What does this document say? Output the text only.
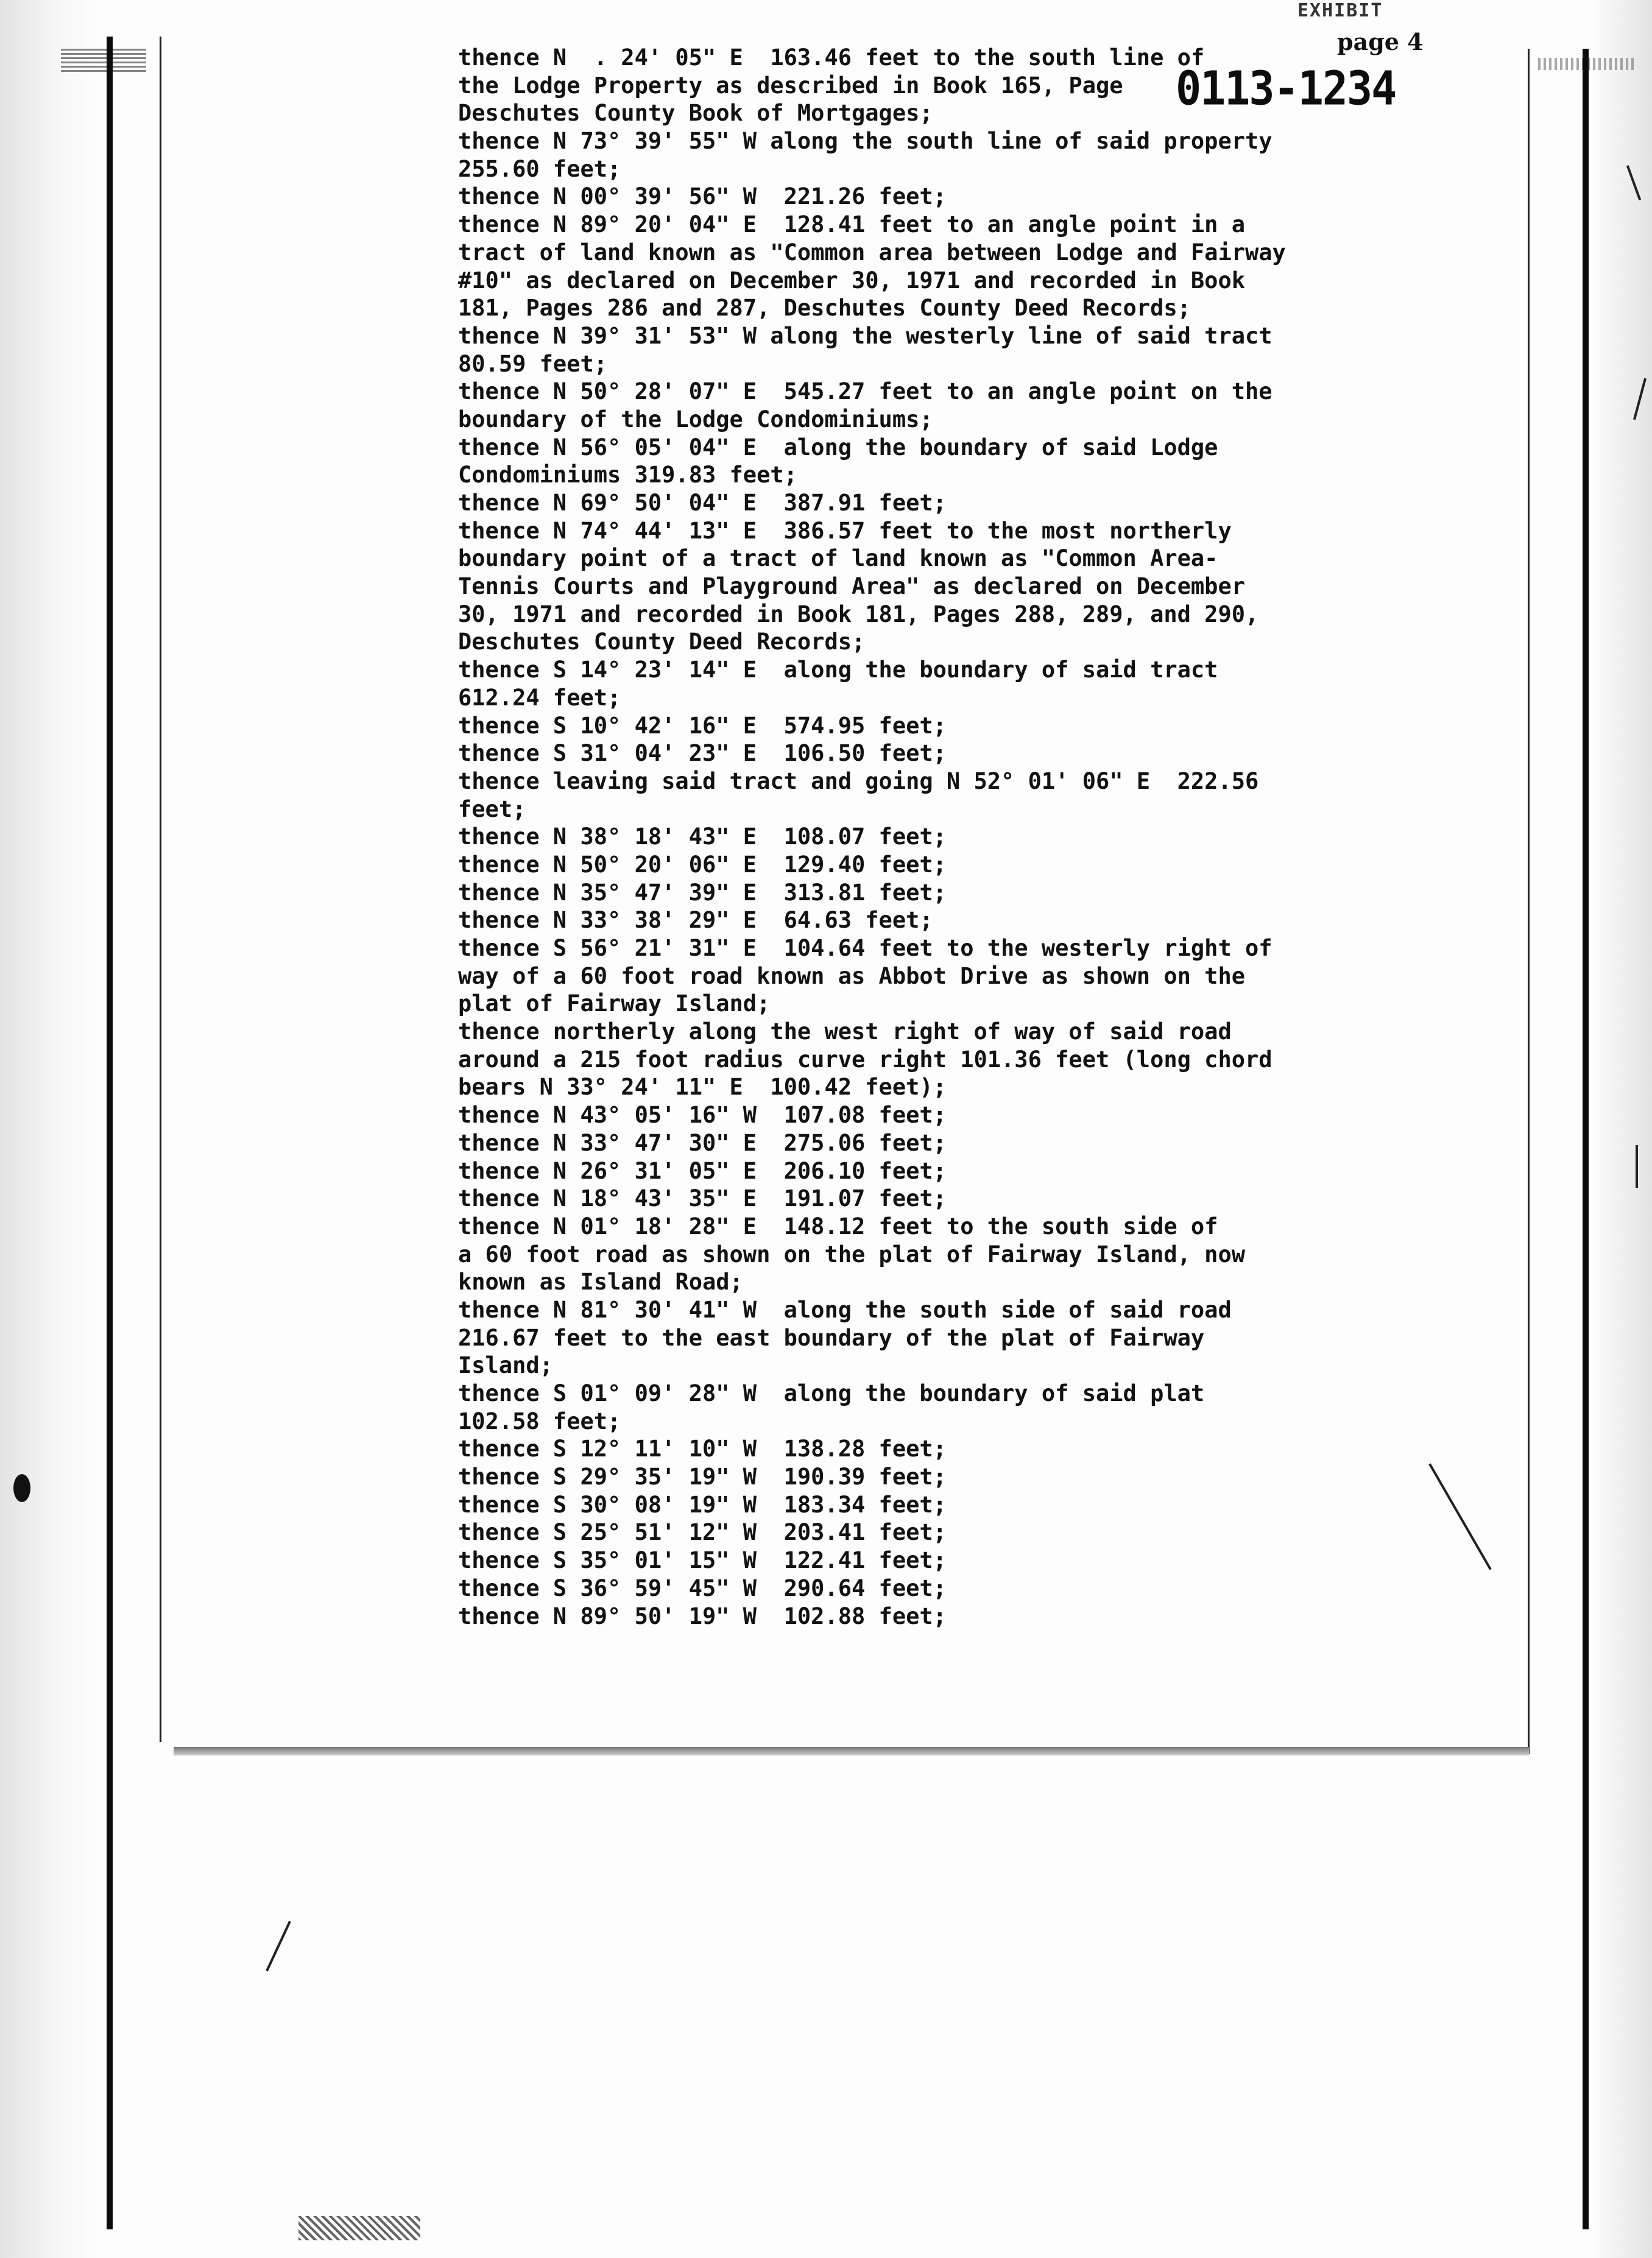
EXHIBIT
page 4
0113-1234
thence N  . 24' 05" E  163.46 feet to the south line of
the Lodge Property as described in Book 165, Page
Deschutes County Book of Mortgages;
thence N 73° 39' 55" W along the south line of said property
255.60 feet;
thence N 00° 39' 56" W  221.26 feet;
thence N 89° 20' 04" E  128.41 feet to an angle point in a
tract of land known as "Common area between Lodge and Fairway
#10" as declared on December 30, 1971 and recorded in Book
181, Pages 286 and 287, Deschutes County Deed Records;
thence N 39° 31' 53" W along the westerly line of said tract
80.59 feet;
thence N 50° 28' 07" E  545.27 feet to an angle point on the
boundary of the Lodge Condominiums;
thence N 56° 05' 04" E  along the boundary of said Lodge
Condominiums 319.83 feet;
thence N 69° 50' 04" E  387.91 feet;
thence N 74° 44' 13" E  386.57 feet to the most northerly
boundary point of a tract of land known as "Common Area-
Tennis Courts and Playground Area" as declared on December
30, 1971 and recorded in Book 181, Pages 288, 289, and 290,
Deschutes County Deed Records;
thence S 14° 23' 14" E  along the boundary of said tract
612.24 feet;
thence S 10° 42' 16" E  574.95 feet;
thence S 31° 04' 23" E  106.50 feet;
thence leaving said tract and going N 52° 01' 06" E  222.56
feet;
thence N 38° 18' 43" E  108.07 feet;
thence N 50° 20' 06" E  129.40 feet;
thence N 35° 47' 39" E  313.81 feet;
thence N 33° 38' 29" E  64.63 feet;
thence S 56° 21' 31" E  104.64 feet to the westerly right of
way of a 60 foot road known as Abbot Drive as shown on the
plat of Fairway Island;
thence northerly along the west right of way of said road
around a 215 foot radius curve right 101.36 feet (long chord
bears N 33° 24' 11" E  100.42 feet);
thence N 43° 05' 16" W  107.08 feet;
thence N 33° 47' 30" E  275.06 feet;
thence N 26° 31' 05" E  206.10 feet;
thence N 18° 43' 35" E  191.07 feet;
thence N 01° 18' 28" E  148.12 feet to the south side of
a 60 foot road as shown on the plat of Fairway Island, now
known as Island Road;
thence N 81° 30' 41" W  along the south side of said road
216.67 feet to the east boundary of the plat of Fairway
Island;
thence S 01° 09' 28" W  along the boundary of said plat
102.58 feet;
thence S 12° 11' 10" W  138.28 feet;
thence S 29° 35' 19" W  190.39 feet;
thence S 30° 08' 19" W  183.34 feet;
thence S 25° 51' 12" W  203.41 feet;
thence S 35° 01' 15" W  122.41 feet;
thence S 36° 59' 45" W  290.64 feet;
thence N 89° 50' 19" W  102.88 feet;
